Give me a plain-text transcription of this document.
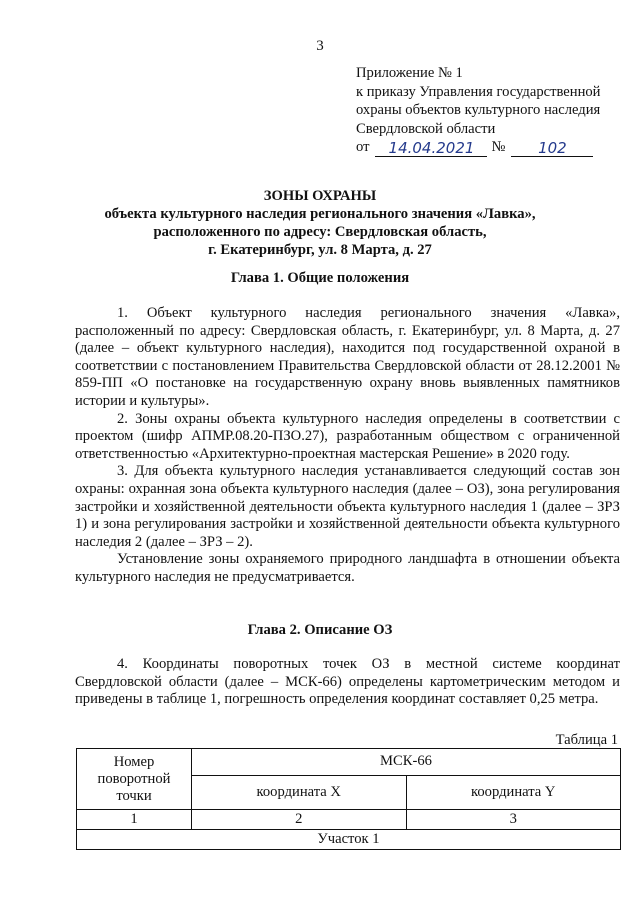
3
Приложение № 1
к приказу Управления государственной
охраны объектов культурного наследия
Свердловской области
от	14.04.2021	№	102
ЗОНЫ ОХРАНЫ
объекта культурного наследия регионального значения «Лавка»,
расположенного по адресу: Свердловская область,
г. Екатеринбург, ул. 8 Марта, д. 27
Глава 1. Общие положения

1. Объект культурного наследия регионального значения «Лавка», расположенный по адресу: Свердловская область, г. Екатеринбург, ул. 8 Марта, д. 27 (далее – объект культурного наследия), находится под государственной охраной в соответствии с постановлением Правительства Свердловской области от 28.12.2001 № 859-ПП «О постановке на государственную охрану вновь выявленных памятников истории и культуры».

2. Зоны охраны объекта культурного наследия определены в соответствии с проектом (шифр АПМР.08.20-ПЗО.27), разработанным обществом с ограниченной ответственностью «Архитектурно-проектная мастерская Решение» в 2020 году.

3. Для объекта культурного наследия устанавливается следующий состав зон охраны: охранная зона объекта культурного наследия (далее – ОЗ), зона регулирования застройки и хозяйственной деятельности объекта культурного наследия 1 (далее – ЗРЗ 1) и зона регулирования застройки и хозяйственной деятельности объекта культурного наследия 2 (далее – ЗРЗ – 2).

Установление зоны охраняемого природного ландшафта в отношении объекта культурного наследия не предусматривается.

Глава 2. Описание ОЗ

4. Координаты поворотных точек ОЗ в местной системе координат Свердловской области (далее – МСК-66) определены картометрическим методом и приведены в таблице 1, погрешность определения координат составляет 0,25 метра.

Таблица 1
Номер поворотной точки	МСК-66	
	координата X	координата Y
1	2	3
Участок 1		
